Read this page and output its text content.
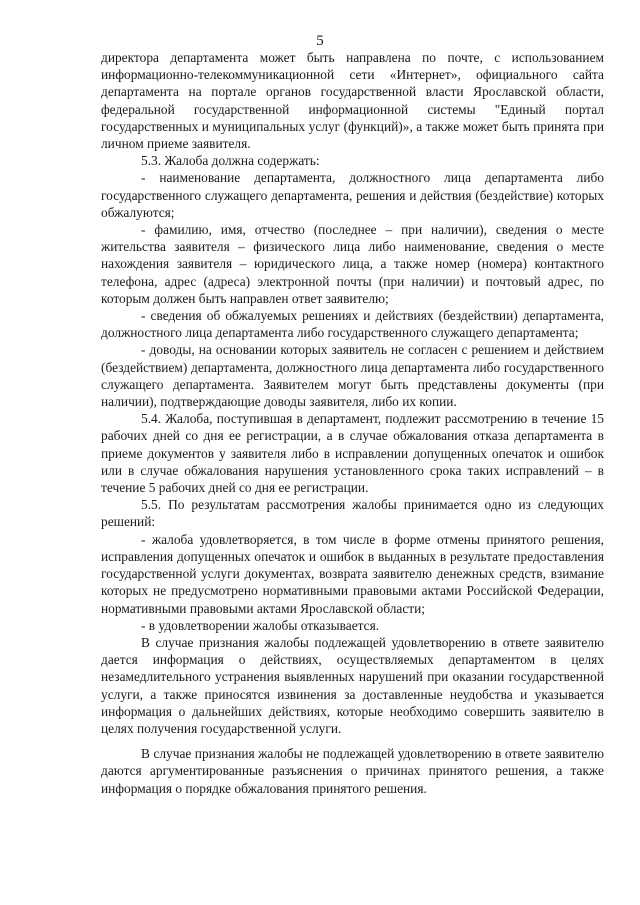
5

директора департамента может быть направлена по почте, с использованием информационно-телекоммуникационной сети «Интернет», официального сайта департамента на портале органов государственной власти Ярославской области, федеральной государственной информационной системы "Единый портал государственных и муниципальных услуг (функций)», а также может быть принята при личном приеме заявителя.

5.3. Жалоба должна содержать:

- наименование департамента, должностного лица департамента либо государственного служащего департамента, решения и действия (бездействие) которых обжалуются;

- фамилию, имя, отчество (последнее – при наличии), сведения о месте жительства заявителя – физического лица либо наименование, сведения о месте нахождения заявителя – юридического лица, а также номер (номера) контактного телефона, адрес (адреса) электронной почты (при наличии) и почтовый адрес, по которым должен быть направлен ответ заявителю;

- сведения об обжалуемых решениях и действиях (бездействии) департамента, должностного лица департамента либо государственного служащего департамента;

- доводы, на основании которых заявитель не согласен с решением и действием (бездействием) департамента, должностного лица департамента либо государственного служащего департамента. Заявителем могут быть представлены документы (при наличии), подтверждающие доводы заявителя, либо их копии.

5.4. Жалоба, поступившая в департамент, подлежит рассмотрению в течение 15 рабочих дней со дня ее регистрации, а в случае обжалования отказа департамента в приеме документов у заявителя либо в исправлении допущенных опечаток и ошибок или в случае обжалования нарушения установленного срока таких исправлений – в течение 5 рабочих дней со дня ее регистрации.

5.5. По результатам рассмотрения жалобы принимается одно из следующих решений:

- жалоба удовлетворяется, в том числе в форме отмены принятого решения, исправления допущенных опечаток и ошибок в выданных в результате предоставления государственной услуги документах, возврата заявителю денежных средств, взимание которых не предусмотрено нормативными правовыми актами Российской Федерации, нормативными правовыми актами Ярославской области;

- в удовлетворении жалобы отказывается.

В случае признания жалобы подлежащей удовлетворению в ответе заявителю дается информация о действиях, осуществляемых департаментом в целях незамедлительного устранения выявленных нарушений при оказании государственной услуги, а также приносятся извинения за доставленные неудобства и указывается информация о дальнейших действиях, которые необходимо совершить заявителю в целях получения государственной услуги.

В случае признания жалобы не подлежащей удовлетворению в ответе заявителю даются аргументированные разъяснения о причинах принятого решения, а также информация о порядке обжалования принятого решения.
